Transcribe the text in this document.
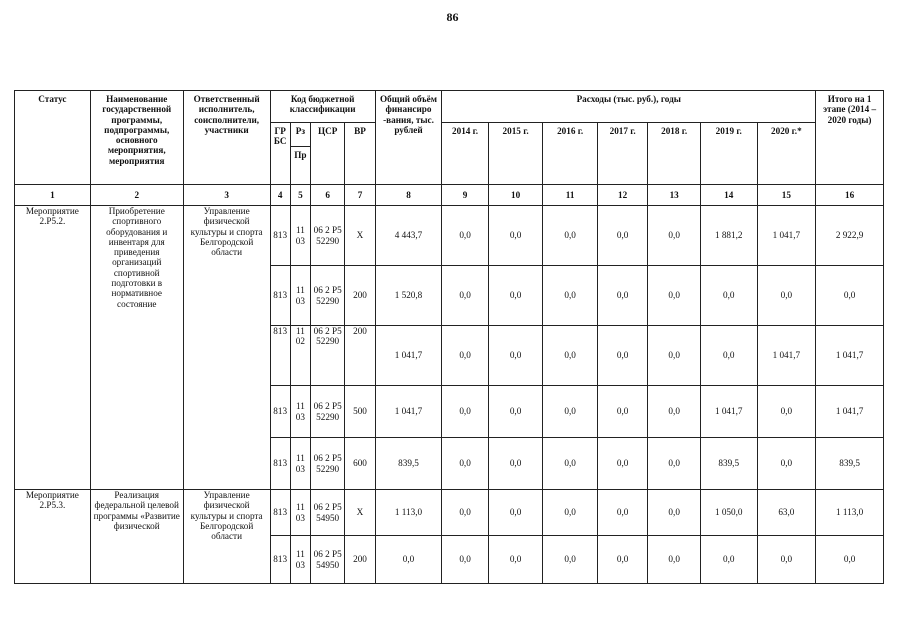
86
Статус	Наименование государственной программы, подпрограммы, основного мероприятия, мероприятия	Ответственный исполнитель, соисполнители, участники	Код бюджетной классификации				Общий объём финансиро -вания, тыс. рублей	Расходы (тыс. руб.), годы							Итого на 1 этапе (2014 – 2020 годы)
			ГР БС	Рз	ЦСР	ВР		2014 г.	2015 г.	2016 г.	2017 г.	2018 г.	2019 г.	2020 г.*	
				Пр											
1	2	3	4	5	6	7	8	9	10	11	12	13	14	15	16
Мероприятие 2.Р5.2.	Приобретение спортивного оборудования и инвентаря для приведения организаций спортивной подготовки в нормативное состояние	Управление физической культуры и спорта Белгородской области	813	11 03	06 2 Р5 52290	Х	4 443,7	0,0	0,0	0,0	0,0	0,0	1 881,2	1 041,7	2 922,9
			813	11 03	06 2 Р5 52290	200	1 520,8	0,0	0,0	0,0	0,0	0,0	0,0	0,0	0,0
			813	11 02	06 2 Р5 52290	200	1 041,7	0,0	0,0	0,0	0,0	0,0	0,0	1 041,7	1 041,7
			813	11 03	06 2 Р5 52290	500	1 041,7	0,0	0,0	0,0	0,0	0,0	1 041,7	0,0	1 041,7
			813	11 03	06 2 Р5 52290	600	839,5	0,0	0,0	0,0	0,0	0,0	839,5	0,0	839,5
Мероприятие 2.Р5.3.	Реализация федеральной целевой программы «Развитие физической	Управление физической культуры и спорта Белгородской области	813	11 03	06 2 Р5 54950	Х	1 113,0	0,0	0,0	0,0	0,0	0,0	1 050,0	63,0	1 113,0
			813	11 03	06 2 Р5 54950	200	0,0	0,0	0,0	0,0	0,0	0,0	0,0	0,0	0,0
